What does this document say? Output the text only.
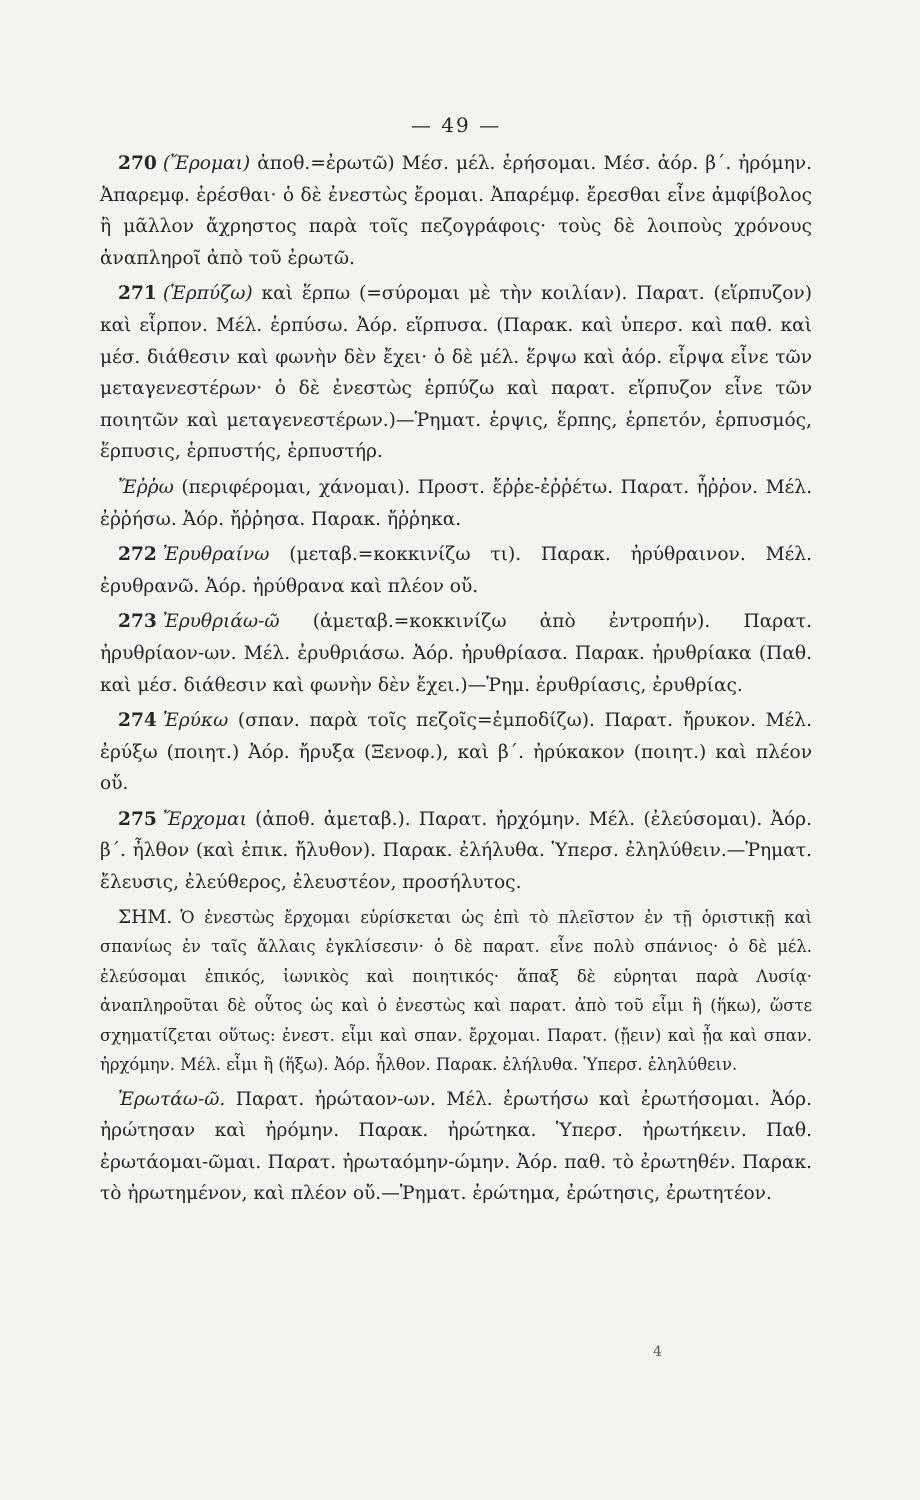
— 49 —

270 (Ἔρομαι) ἀποθ.=ἐρωτῶ) Μέσ. μέλ. ἐρήσομαι. Μέσ. ἀόρ. β΄. ἠρόμην. Ἀπαρεμφ. ἐρέσθαι· ὁ δὲ ἐνεστὼς ἔρομαι. Ἀπαρέμφ. ἔρεσθαι εἶνε ἀμφίβολος ἢ μᾶλλον ἄχρηστος παρὰ τοῖς πεζογράφοις· τοὺς δὲ λοιποὺς χρόνους ἀναπληροῖ ἀπὸ τοῦ ἐρωτῶ.

271 (Ἑρπύζω) καὶ ἕρπω (=σύρομαι μὲ τὴν κοιλίαν). Παρατ. (εἵρπυζον) καὶ εἷρπον. Μέλ. ἑρπύσω. Ἀόρ. εἵρπυσα. (Παρακ. καὶ ὑπερσ. καὶ παθ. καὶ μέσ. διάθεσιν καὶ φωνὴν δὲν ἔχει· ὁ δὲ μέλ. ἕρψω καὶ ἀόρ. εἷρψα εἶνε τῶν μεταγενεστέρων· ὁ δὲ ἐνεστὼς ἑρπύζω καὶ παρατ. εἵρπυζον εἶνε τῶν ποιητῶν καὶ μεταγενεστέρων.)—Ῥηματ. ἑρψις, ἕρπης, ἑρπετόν, ἑρπυσμός, ἕρπυσις, ἑρπυστής, ἑρπυστήρ.

Ἔῤῥω (περιφέρομαι, χάνομαι). Προστ. ἔῤῥε-ἐῤῥέτω. Παρατ. ἦῤῥον. Μέλ. ἐῤῥήσω. Ἀόρ. ἤῤῥησα. Παρακ. ἤῤῥηκα.

272 Ἐρυθραίνω (μεταβ.=κοκκινίζω τι). Παρακ. ἠρύθραινον. Μέλ. ἐρυθρανῶ. Ἀόρ. ἠρύθρανα καὶ πλέον οὔ.

273 Ἐρυθριάω-ῶ (ἀμεταβ.=κοκκινίζω ἀπὸ ἐντροπήν). Παρατ. ἠρυθρίαον-ων. Μέλ. ἐρυθριάσω. Ἀόρ. ἠρυθρίασα. Παρακ. ἠρυθρίακα (Παθ. καὶ μέσ. διάθεσιν καὶ φωνὴν δὲν ἔχει.)—Ῥημ. ἐρυθρίασις, ἐρυθρίας.

274 Ἐρύκω (σπαν. παρὰ τοῖς πεζοῖς=ἐμποδίζω). Παρατ. ἤρυκον. Μέλ. ἐρύξω (ποιητ.) Ἀόρ. ἤρυξα (Ξενοφ.), καὶ β΄. ἠρύκακον (ποιητ.) καὶ πλέον οὔ.

275 Ἔρχομαι (ἀποθ. ἀμεταβ.). Παρατ. ἠρχόμην. Μέλ. (ἐλεύσομαι). Ἀόρ. β΄. ἦλθον (καὶ ἐπικ. ἤλυθον). Παρακ. ἐλήλυθα. Ὑπερσ. ἐληλύθειν.—Ῥηματ. ἔλευσις, ἐλεύθερος, ἐλευστέον, προσήλυτος.

ΣΗΜ. Ὁ ἐνεστὼς ἔρχομαι εὑρίσκεται ὡς ἐπὶ τὸ πλεῖστον ἐν τῇ ὁριστικῇ καὶ σπανίως ἐν ταῖς ἄλλαις ἐγκλίσεσιν· ὁ δὲ παρατ. εἶνε πολὺ σπάνιος· ὁ δὲ μέλ. ἐλεύσομαι ἐπικός, ἰωνικὸς καὶ ποιητικός· ἅπαξ δὲ εὑρηται παρὰ Λυσίᾳ· ἀναπληροῦται δὲ οὗτος ὡς καὶ ὁ ἐνεστὼς καὶ παρατ. ἀπὸ τοῦ εἶμι ἢ (ἥκω), ὥστε σχηματίζεται οὕτως: ἐνεστ. εἶμι καὶ σπαν. ἔρχομαι. Παρατ. (ᾔειν) καὶ ᾖα καὶ σπαν. ἠρχόμην. Μέλ. εἶμι ἢ (ἥξω). Ἀόρ. ἦλθον. Παρακ. ἐλήλυθα. Ὑπερσ. ἐληλύθειν.

Ἐρωτάω-ῶ. Παρατ. ἠρώταον-ων. Μέλ. ἐρωτήσω καὶ ἐρωτήσομαι. Ἀόρ. ἠρώτησαν καὶ ἠρόμην. Παρακ. ἠρώτηκα. Ὑπερσ. ἠρωτήκειν. Παθ. ἐρωτάομαι-ῶμαι. Παρατ. ἠρωταόμην-ώμην. Ἀόρ. παθ. τὸ ἐρωτηθέν. Παρακ. τὸ ἠρωτημένον, καὶ πλέον οὔ.—Ῥηματ. ἐρώτημα, ἐρώτησις, ἐρωτητέον.

4
